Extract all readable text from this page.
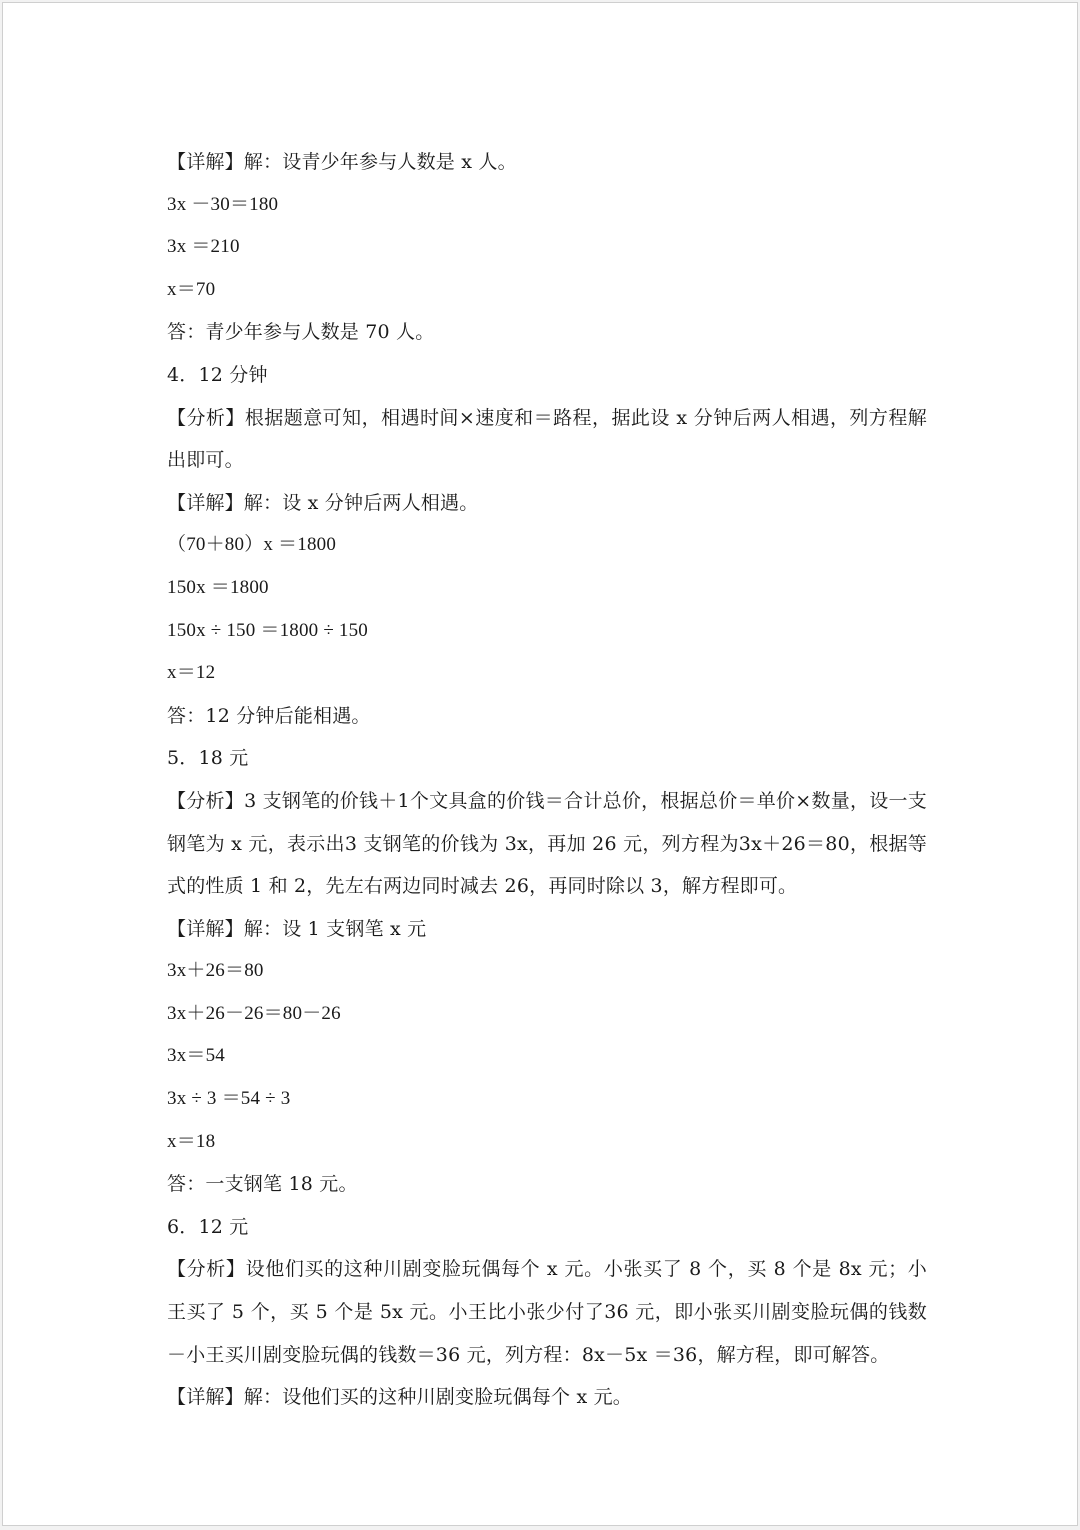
【详解】解：设青少年参与人数是 x 人。
3x －30＝180
3x ＝210
x＝70
答：青少年参与人数是 70 人。
4．12 分钟
【分析】根据题意可知，相遇时间×速度和＝路程，据此设 x 分钟后两人相遇，列方程解出即可。
【详解】解：设 x 分钟后两人相遇。
（70＋80）x ＝1800
150x ＝1800
150x ÷ 150 ＝1800 ÷ 150
x＝12
答：12 分钟后能相遇。
5．18 元
【分析】3 支钢笔的价钱＋1个文具盒的价钱＝合计总价，根据总价＝单价×数量，设一支钢笔为 x 元，表示出3 支钢笔的价钱为 3x，再加 26 元，列方程为3x＋26＝80，根据等式的性质 1 和 2，先左右两边同时减去 26，再同时除以 3，解方程即可。
【详解】解：设 1 支钢笔 x 元
3x＋26＝80
3x＋26－26＝80－26
3x＝54
3x ÷ 3 ＝54 ÷ 3
x＝18
答：一支钢笔 18 元。
6．12 元
【分析】设他们买的这种川剧变脸玩偶每个 x 元。小张买了 8 个，买 8 个是 8x 元；小王买了 5 个，买 5 个是 5x 元。小王比小张少付了36 元，即小张买川剧变脸玩偶的钱数－小王买川剧变脸玩偶的钱数＝36 元，列方程：8x－5x ＝36，解方程，即可解答。
【详解】解：设他们买的这种川剧变脸玩偶每个 x 元。
